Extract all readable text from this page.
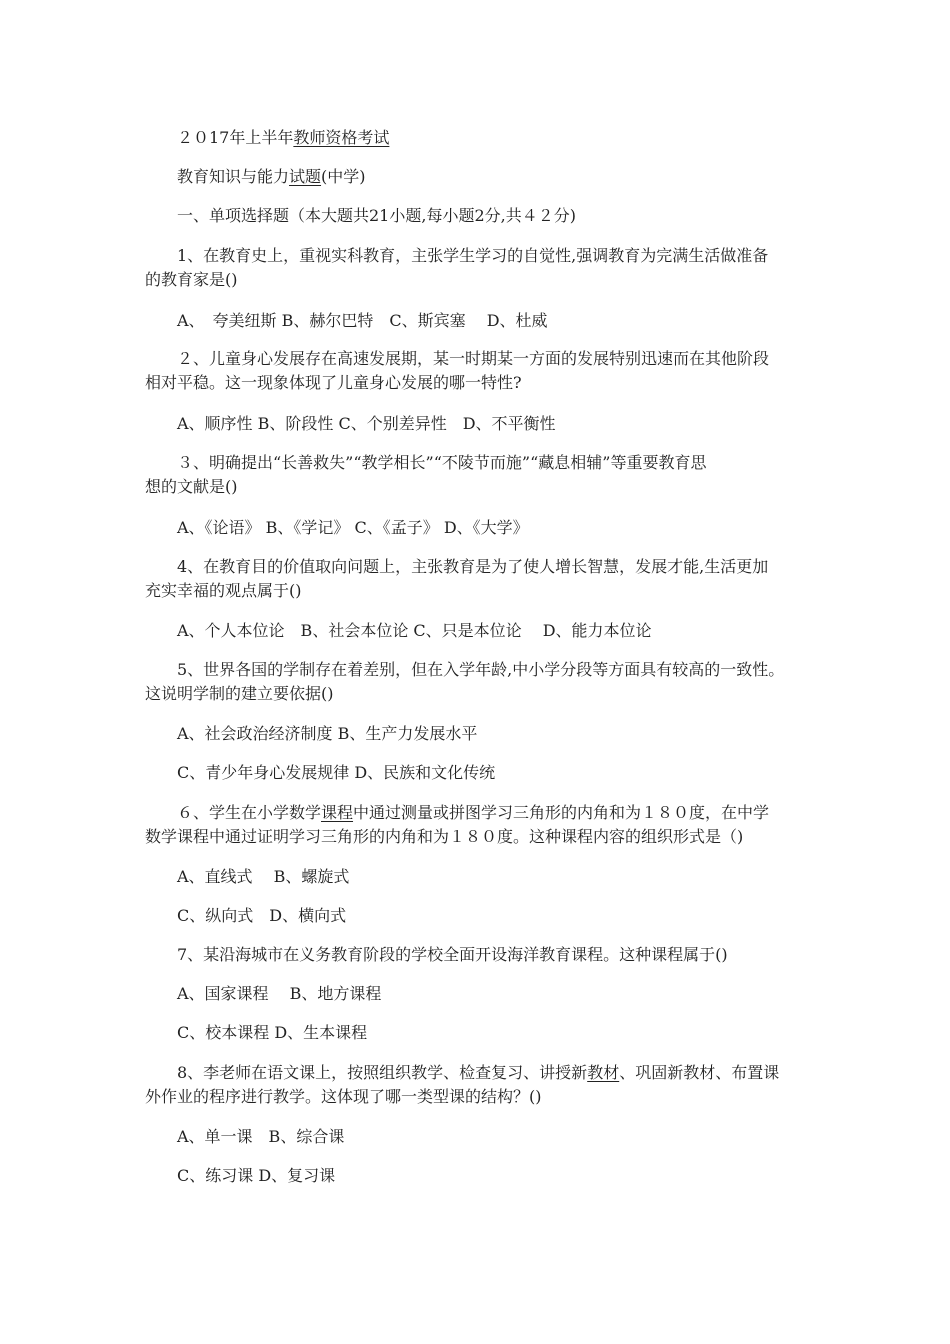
２０17年上半年教师资格考试
教育知识与能力试题(中学)
一、单项选择题（本大题共21小题,每小题2分,共４２分)
1、在教育史上，重视实科教育，主张学生学习的自觉性,强调教育为完满生活做准备
的教育家是()
A、　夸美纽斯 B、赫尔巴特　C、斯宾塞　 D、杜威
２、儿童身心发展存在高速发展期，某一时期某一方面的发展特别迅速而在其他阶段
相对平稳。这一现象体现了儿童身心发展的哪一特性?
A、顺序性 B、阶段性 C、个别差异性　D、不平衡性
３、明确提出“长善救失”“教学相长”“不陵节而施”“藏息相辅”等重要教育思
想的文献是()
A、《论语》 B、《学记》 C、《孟子》 D、《大学》
4、在教育目的价值取向问题上，主张教育是为了使人增长智慧，发展才能,生活更加
充实幸福的观点属于()
A、个人本位论　B、社会本位论 C、只是本位论　 D、能力本位论
5、世界各国的学制存在着差别，但在入学年龄,中小学分段等方面具有较高的一致性。
这说明学制的建立要依据()
A、社会政治经济制度 B、生产力发展水平
C、青少年身心发展规律 D、民族和文化传统
６、学生在小学数学课程中通过测量或拼图学习三角形的内角和为１８０度，在中学
数学课程中通过证明学习三角形的内角和为１８０度。这种课程内容的组织形式是（)
A、直线式　 B、螺旋式
C、纵向式　D、横向式
7、某沿海城市在义务教育阶段的学校全面开设海洋教育课程。这种课程属于()
A、国家课程　 B、地方课程
C、校本课程 D、生本课程
8、李老师在语文课上，按照组织教学、检查复习、讲授新教材、巩固新教材、布置课
外作业的程序进行教学。这体现了哪一类型课的结构？()
A、单一课　B、综合课
C、练习课 D、复习课
